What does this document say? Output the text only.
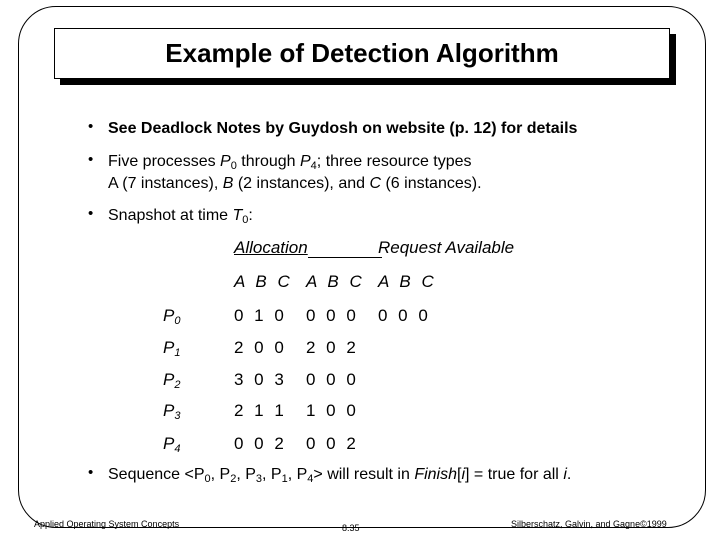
Example of Detection Algorithm
• See Deadlock Notes by Guydosh on website (p. 12) for details
• Five processes $P_0$ through $P_4$; three resource types
A (7 instances), B (2 instances), and C (6 instances).
• Snapshot at time $T_0$:
Allocation	Request Available
A B C A B C A B C
$P_0$	0 1 0 0 0 0 0 0 0
$P_1$	2 0 0 2 0 2
$P_2$	3 0 3 0 0 0
$P_3$	2 1 1 1 0 0
$P_4$	0 0 2 0 0 2
• Sequence $<P_0$, $P_2$, $P_3$, $P_1$, $P_4>$ will result in Finish[i] = true for all i.
Applied Operating System Concepts	8.35	Silberschatz, Galvin, and Gagne©1999
